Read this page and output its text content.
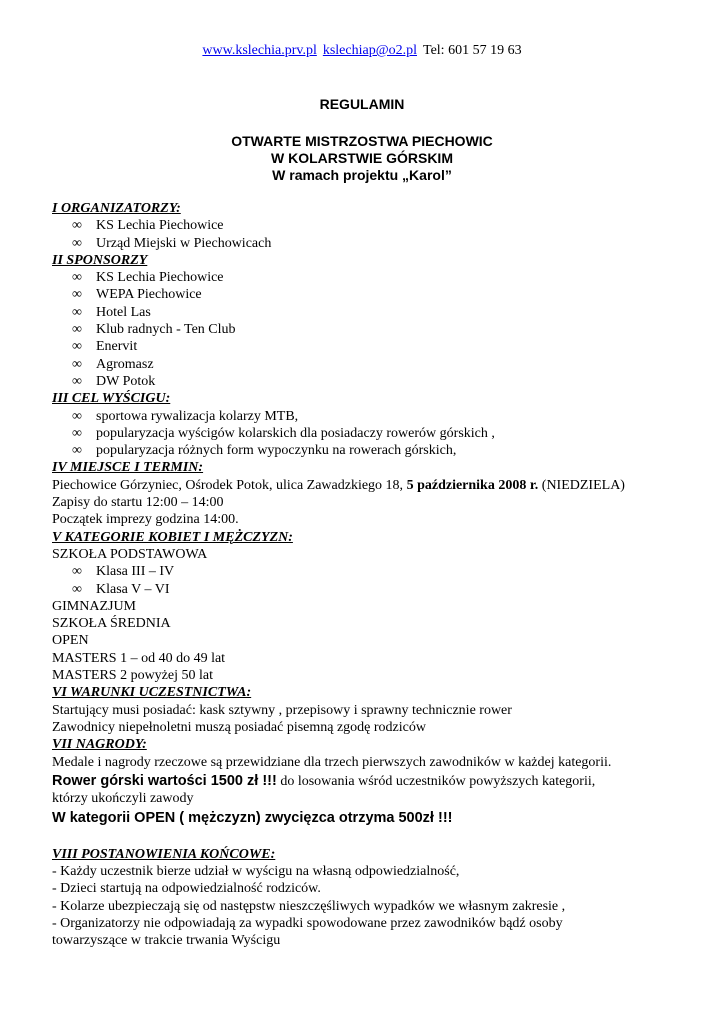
www.kslechia.prv.pl kslechiap@o2.pl Tel: 601 57 19 63
REGULAMIN
OTWARTE MISTRZOSTWA PIECHOWIC
W KOLARSTWIE GÓRSKIM
W ramach projektu „Karol”
I ORGANIZATORZY:
∞ KS Lechia Piechowice
∞ Urząd Miejski w Piechowicach
II SPONSORZY
∞ KS Lechia Piechowice
∞ WEPA Piechowice
∞ Hotel Las
∞ Klub radnych - Ten Club
∞ Enervit
∞ Agromasz
∞ DW Potok
III CEL WYŚCIGU:
∞ sportowa rywalizacja kolarzy MTB,
∞ popularyzacja wyścigów kolarskich dla posiadaczy rowerów górskich ,
∞ popularyzacja różnych form wypoczynku na rowerach górskich,
IV MIEJSCE I TERMIN:
Piechowice Górzyniec, Ośrodek Potok, ulica Zawadzkiego 18, 5 października 2008 r. (NIEDZIELA)
Zapisy do startu 12:00 – 14:00
Początek imprezy godzina 14:00.
V KATEGORIE KOBIET I MĘŻCZYZN:
SZKOŁA PODSTAWOWA
∞ Klasa III – IV
∞ Klasa V – VI
GIMNAZJUM
SZKOŁA ŚREDNIA
OPEN
MASTERS 1 – od 40 do 49 lat
MASTERS 2 powyżej 50 lat
VI WARUNKI UCZESTNICTWA:
Startujący musi posiadać: kask sztywny , przepisowy i sprawny technicznie rower
Zawodnicy niepełnoletni muszą posiadać pisemną zgodę rodziców
VII NAGRODY:
Medale i nagrody rzeczowe są przewidziane dla trzech pierwszych zawodników w każdej kategorii.
Rower górski wartości 1500 zł !!! do losowania wśród uczestników powyższych kategorii,
którzy ukończyli zawody
W kategorii OPEN ( mężczyzn) zwycięzca otrzyma 500zł !!!
VIII POSTANOWIENIA KOŃCOWE:
- Każdy uczestnik bierze udział w wyścigu na własną odpowiedzialność,
- Dzieci startują na odpowiedzialność rodziców.
- Kolarze ubezpieczają się od następstw nieszczęśliwych wypadków we własnym zakresie ,
- Organizatorzy nie odpowiadają za wypadki spowodowane przez zawodników bądź osoby
towarzyszące w trakcie trwania Wyścigu
